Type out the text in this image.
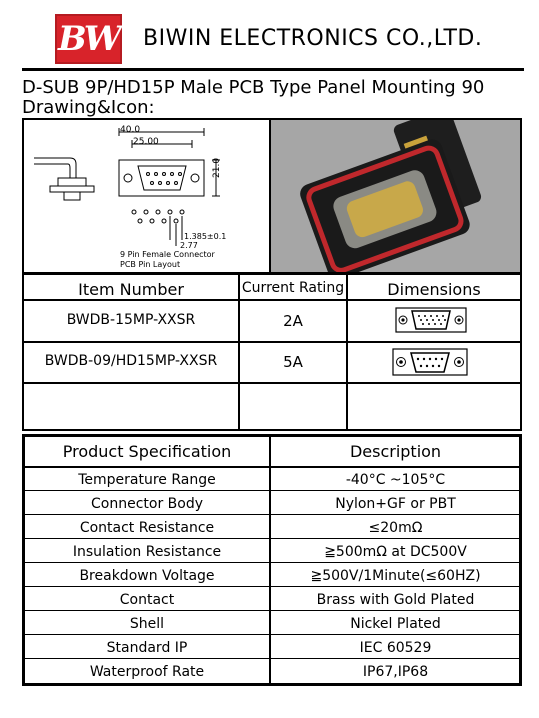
BW BIWIN ELECTRONICS CO.,LTD.
D-SUB 9P/HD15P Male PCB Type Panel Mounting 90
Drawing&Icon:
40.0
25.00
21.0
1.385±0.1
2.77
9 Pin Female Connector
PCB Pin Layout
Item Number	Current Rating	Dimensions
BWDB-15MP-XXSR	2A
BWDB-09/HD15MP-XXSR	5A
Product Specification	Description
Temperature Range	-40°C ~105°C
Connector Body	Nylon+GF or PBT
Contact Resistance	≤20mΩ
Insulation Resistance	≧500mΩ at DC500V
Breakdown Voltage	≧500V/1Minute(≤60HZ)
Contact	Brass with Gold Plated
Shell	Nickel Plated
Standard IP	IEC 60529
Waterproof Rate	IP67,IP68
